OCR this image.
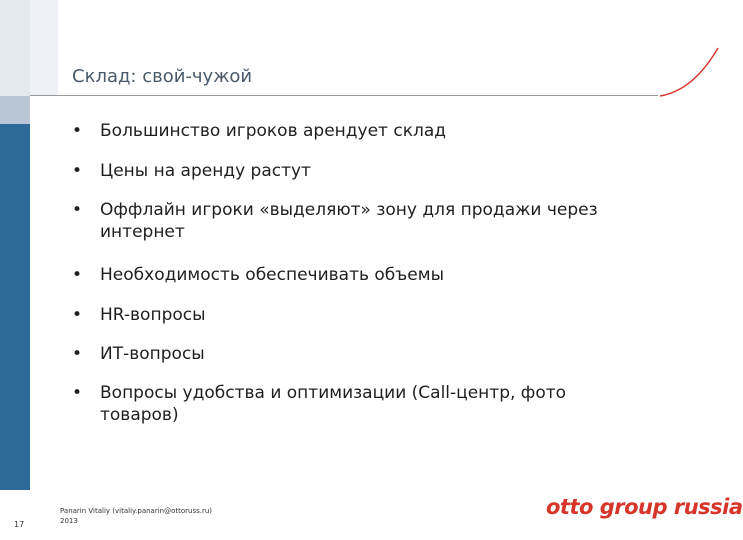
Склад: свой-чужой
• Большинство игроков арендует склад
• Цены на аренду растут
• Оффлайн игроки «выделяют» зону для продажи через интернет
• Необходимость обеспечивать объемы
• HR-вопросы
• ИТ-вопросы
• Вопросы удобства и оптимизации (Call-центр, фото товаров)
17
Panarin Vitaliy (vitaliy.panarin@ottoruss.ru)
2013
otto group russia
